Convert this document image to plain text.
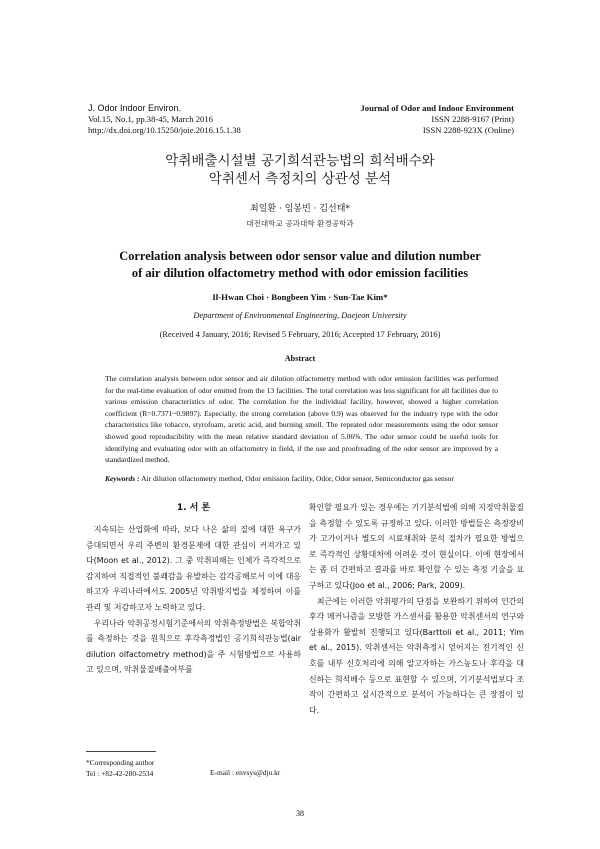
J. Odor Indoor Environ.
Vol.15, No.1, pp.38-45, March 2016
http://dx.doi.org/10.15250/joie.2016.15.1.38
Journal of Odor and Indoor Environment
ISSN 2288-9167 (Print)
ISSN 2288-923X (Online)
악취배출시설별 공기희석관능법의 희석배수와
악취센서 측정치의 상관성 분석
최일환 · 임봉빈 · 김선태*
대전대학교 공과대학 환경공학과
Correlation analysis between odor sensor value and dilution number
of air dilution olfactometry method with odor emission facilities
Il-Hwan Choi · Bongbeen Yim · Sun-Tae Kim*
Department of Environmental Engineering, Daejeon University
(Received 4 January, 2016; Revised 5 February, 2016; Accepted 17 February, 2016)
Abstract
The correlation analysis between odor sensor and air dilution olfactometry method with odor emission facilities was performed for the real-time evaluation of odor emitted from the 13 facilities. The total correlation was less significant for all facilities due to various emission characteristics of odor. The correlation for the individual facility, however, showed a higher correlation coefficient (R=0.7371~0.9897). Especially, the strong correlation (above 0.9) was observed for the industry type with the odor characteristics like tobacco, styrofoam, acetic acid, and burning smell. The repeated odor measurements using the odor sensor showed good reproducibility with the mean relative standard deviation of 5.06%. The odor sensor could be useful tools for identifying and evaluating odor with an olfactometry in field, if the use and proofreading of the odor sensor are improved by a standardized method.
Keywords : Air dilution olfactometry method, Odor emission facility, Odor, Odor sensor, Semiconductor gas sensor
1. 서 론

지속되는 산업화에 따라, 보다 나은 삶의 질에 대한 욕구가 증대되면서 우리 주변의 환경문제에 대한 관심이 커져가고 있다(Moon et al., 2012). 그 중 악취피해는 인체가 즉각적으로 감지하여 직접적인 불쾌감을 유발하는 감각공해로서 이에 대응하고자 우리나라에서도 2005년 악취방지법을 제정하여 이를 관리 및 저감하고자 노력하고 있다.

우리나라 악취공정시험기준에서의 악취측정방법은 복합악취를 측정하는 것을 원칙으로 후각측정법인 공기희석관능법(air dilution olfactometry method)을 주 시험방법으로 사용하고 있으며, 악취물질배출여부를

확인할 필요가 있는 경우에는 기기분석법에 의해 지정악취물질을 측정할 수 있도록 규정하고 있다. 이러한 방법들은 측정장비가 고가이거나 별도의 시료채취와 분석 절차가 필요한 방법으로 즉각적인 상황대처에 어려운 것이 현실이다. 이에 현장에서는 좀 더 간편하고 결과를 바로 확인할 수 있는 측정 기술을 요구하고 있다(Joo et al., 2006; Park, 2009).

최근에는 이러한 악취평가의 단점을 보완하기 위하여 인간의 후각 메커니즘을 모방한 가스센서를 활용한 악취센서의 연구와 상용화가 활발히 진행되고 있다(Barttoli et al., 2011; Yim et al., 2015). 악취센서는 악취측정시 얻어지는 전기적인 신호를 내부 신호처리에 의해 알고자하는 가스농도나 후각을 대신하는 희석배수 등으로 표현할 수 있으며, 기기분석법보다 조작이 간편하고 실시간적으로 분석이 가능하다는 큰 장점이 있다.

*Corresponding author
Tel : +82-42-280-2534	E-mail : envsys@dju.kr
38
